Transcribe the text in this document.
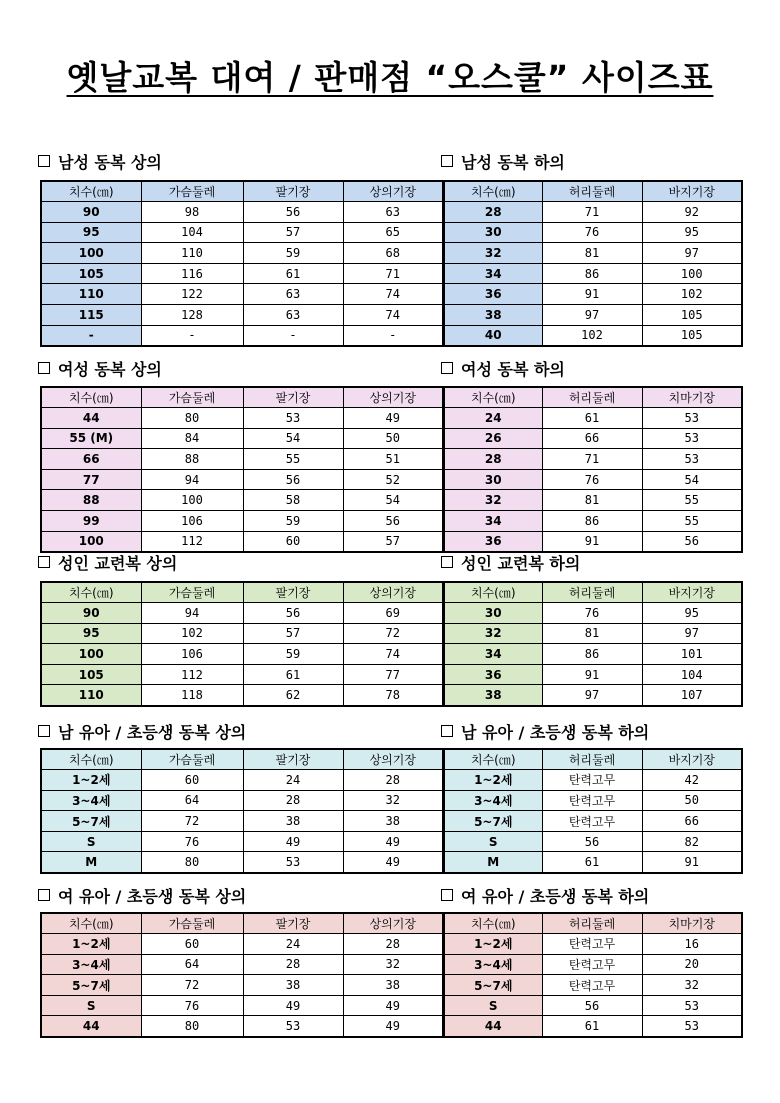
옛날교복 대여 / 판매점 “오스쿨” 사이즈표
남성 동복 상의
치수(㎝)	가슴둘레	팔기장	상의기장
90	98	56	63
95	104	57	65
100	110	59	68
105	116	61	71
110	122	63	74
115	128	63	74
-	-	-	-
남성 동복 하의
치수(㎝)	허리둘레	바지기장
28	71	92
30	76	95
32	81	97
34	86	100
36	91	102
38	97	105
40	102	105
여성 동복 상의
치수(㎝)	가슴둘레	팔기장	상의기장
44	80	53	49
55 (M)	84	54	50
66	88	55	51
77	94	56	52
88	100	58	54
99	106	59	56
100	112	60	57
여성 동복 하의
치수(㎝)	허리둘레	치마기장
24	61	53
26	66	53
28	71	53
30	76	54
32	81	55
34	86	55
36	91	56
성인 교련복 상의
치수(㎝)	가슴둘레	팔기장	상의기장
90	94	56	69
95	102	57	72
100	106	59	74
105	112	61	77
110	118	62	78
성인 교련복 하의
치수(㎝)	허리둘레	바지기장
30	76	95
32	81	97
34	86	101
36	91	104
38	97	107
남 유아 / 초등생 동복 상의
치수(㎝)	가슴둘레	팔기장	상의기장
1~2세	60	24	28
3~4세	64	28	32
5~7세	72	38	38
S	76	49	49
M	80	53	49
남 유아 / 초등생 동복 하의
치수(㎝)	허리둘레	바지기장
1~2세	탄력고무	42
3~4세	탄력고무	50
5~7세	탄력고무	66
S	56	82
M	61	91
여 유아 / 초등생 동복 상의
치수(㎝)	가슴둘레	팔기장	상의기장
1~2세	60	24	28
3~4세	64	28	32
5~7세	72	38	38
S	76	49	49
44	80	53	49
여 유아 / 초등생 동복 하의
치수(㎝)	허리둘레	치마기장
1~2세	탄력고무	16
3~4세	탄력고무	20
5~7세	탄력고무	32
S	56	53
44	61	53
